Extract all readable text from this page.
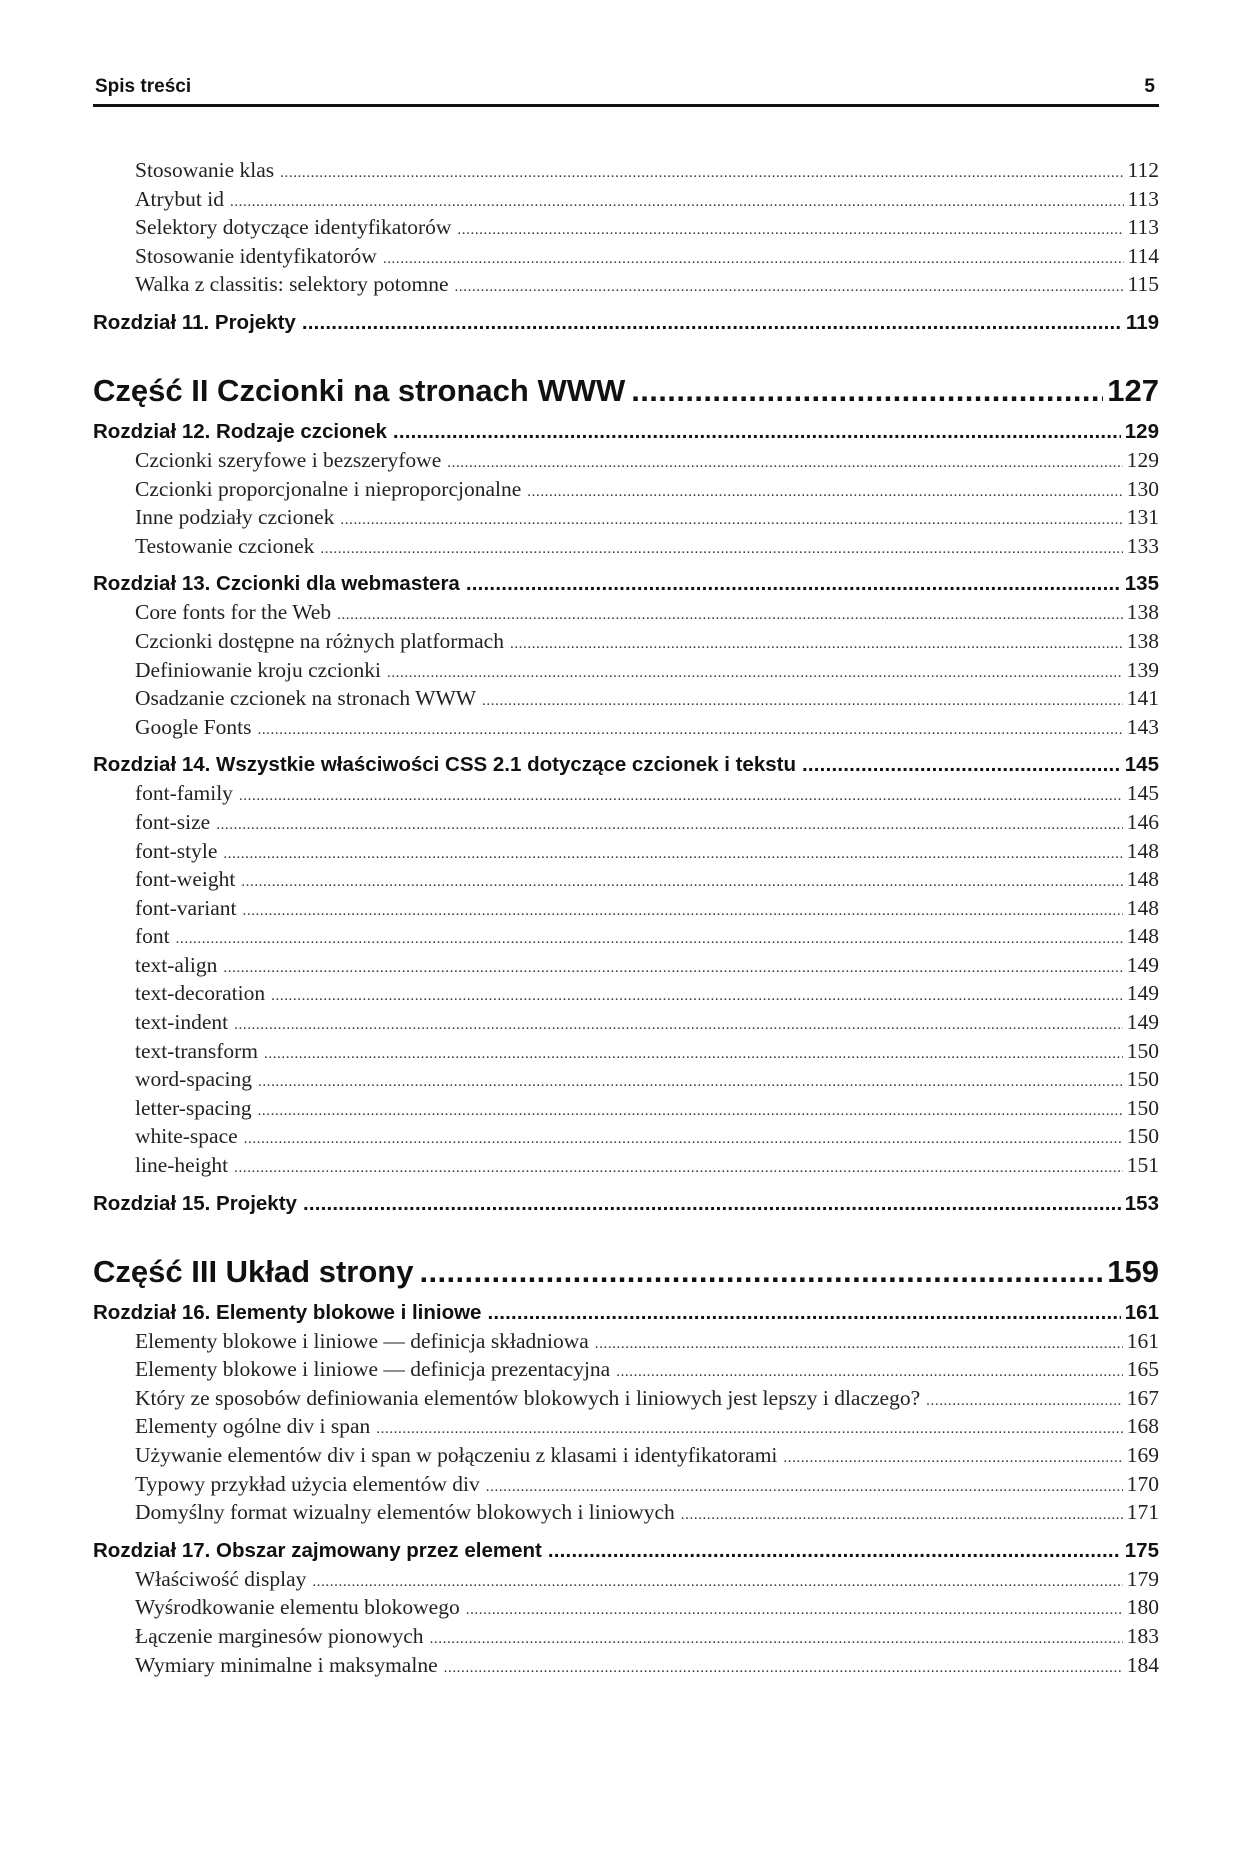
Spis treści	5
Stosowanie klas .....	112
Atrybut id .....	113
Selektory dotyczące identyfikatorów .....	113
Stosowanie identyfikatorów .....	114
Walka z classitis: selektory potomne .....	115
Rozdział 11. Projekty .....	119
Część II Czcionki na stronach WWW .....	127
Rozdział 12. Rodzaje czcionek .....	129
Czcionki szeryfowe i bezszeryfowe .....	129
Czcionki proporcjonalne i nieproporcjonalne .....	130
Inne podziały czcionek .....	131
Testowanie czcionek .....	133
Rozdział 13. Czcionki dla webmastera .....	135
Core fonts for the Web .....	138
Czcionki dostępne na różnych platformach .....	138
Definiowanie kroju czcionki .....	139
Osadzanie czcionek na stronach WWW .....	141
Google Fonts .....	143
Rozdział 14. Wszystkie właściwości CSS 2.1 dotyczące czcionek i tekstu .....	145
font-family .....	145
font-size .....	146
font-style .....	148
font-weight .....	148
font-variant .....	148
font .....	148
text-align .....	149
text-decoration .....	149
text-indent .....	149
text-transform .....	150
word-spacing .....	150
letter-spacing .....	150
white-space .....	150
line-height .....	151
Rozdział 15. Projekty .....	153
Część III Układ strony .....	159
Rozdział 16. Elementy blokowe i liniowe .....	161
Elementy blokowe i liniowe — definicja składniowa .....	161
Elementy blokowe i liniowe — definicja prezentacyjna .....	165
Który ze sposobów definiowania elementów blokowych i liniowych jest lepszy i dlaczego? .....	167
Elementy ogólne div i span .....	168
Używanie elementów div i span w połączeniu z klasami i identyfikatorami .....	169
Typowy przykład użycia elementów div .....	170
Domyślny format wizualny elementów blokowych i liniowych .....	171
Rozdział 17. Obszar zajmowany przez element .....	175
Właściwość display .....	179
Wyśrodkowanie elementu blokowego .....	180
Łączenie marginesów pionowych .....	183
Wymiary minimalne i maksymalne .....	184
